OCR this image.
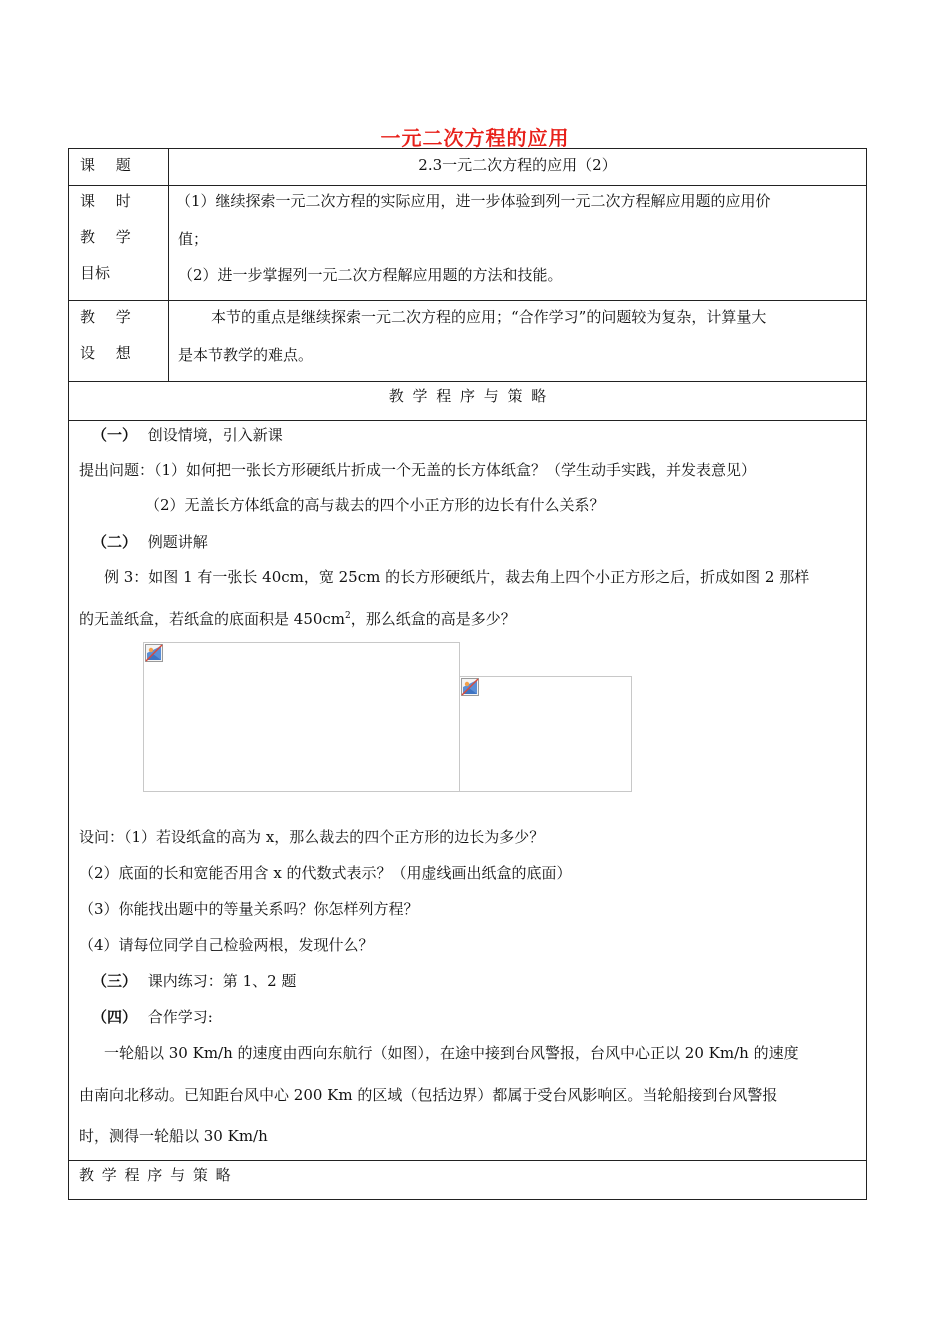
一元二次方程的应用
课 题	2.3一元二次方程的应用（2）
课 时
教 学
目标
（1）继续探索一元二次方程的实际应用，进一步体验到列一元二次方程解应用题的应用价
值；
（2）进一步掌握列一元二次方程解应用题的方法和技能。
教 学
设 想
本节的重点是继续探索一元二次方程的应用；“合作学习”的问题较为复杂，计算量大
是本节教学的难点。
教 学 程 序 与 策 略
（一） 创设情境，引入新课
提出问题：（1）如何把一张长方形硬纸片折成一个无盖的长方体纸盒？（学生动手实践，并发表意见）
（2）无盖长方体纸盒的高与裁去的四个小正方形的边长有什么关系？
（二） 例题讲解
例 3：如图 1 有一张长 40cm，宽 25cm 的长方形硬纸片，裁去角上四个小正方形之后，折成如图 2 那样
的无盖纸盒，若纸盒的底面积是 $450cm^2$，那么纸盒的高是多少？
设问：（1）若设纸盒的高为 x，那么裁去的四个正方形的边长为多少？
（2）底面的长和宽能否用含 x 的代数式表示？（用虚线画出纸盒的底面）
（3）你能找出题中的等量关系吗？你怎样列方程？
（4）请每位同学自己检验两根，发现什么？
（三） 课内练习：第 1、2 题
（四） 合作学习:
一轮船以 30 Km/h 的速度由西向东航行（如图），在途中接到台风警报，台风中心正以 20 Km/h 的速度
由南向北移动。已知距台风中心 200 Km 的区域（包括边界）都属于受台风影响区。当轮船接到台风警报
时，测得一轮船以 30 Km/h
教 学 程 序 与 策 略
